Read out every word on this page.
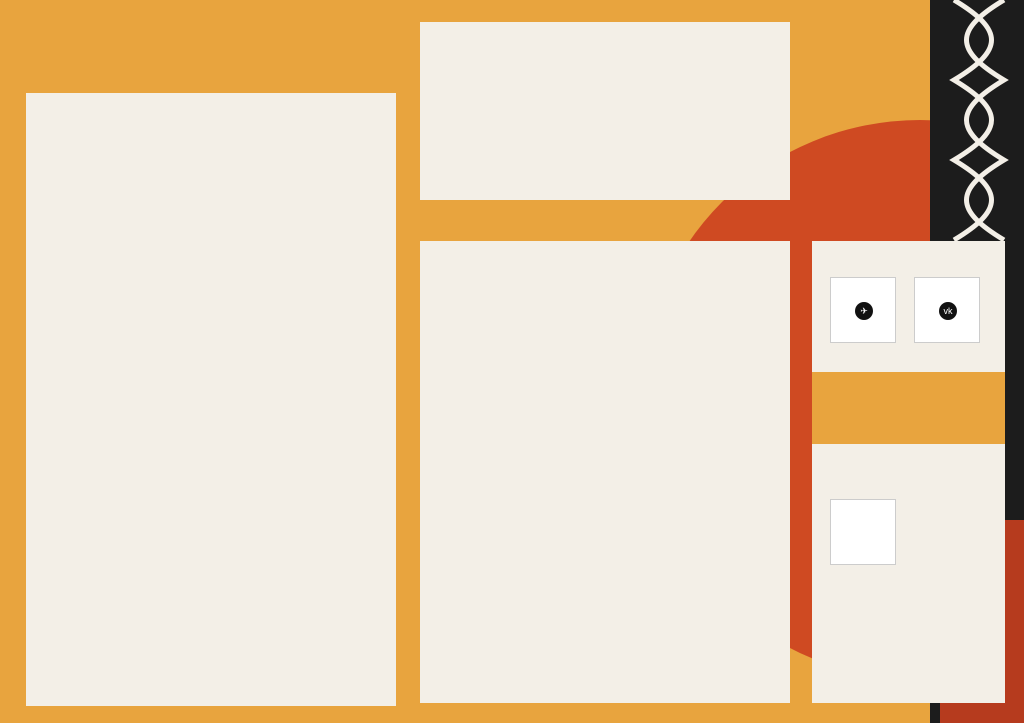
✈	vk
